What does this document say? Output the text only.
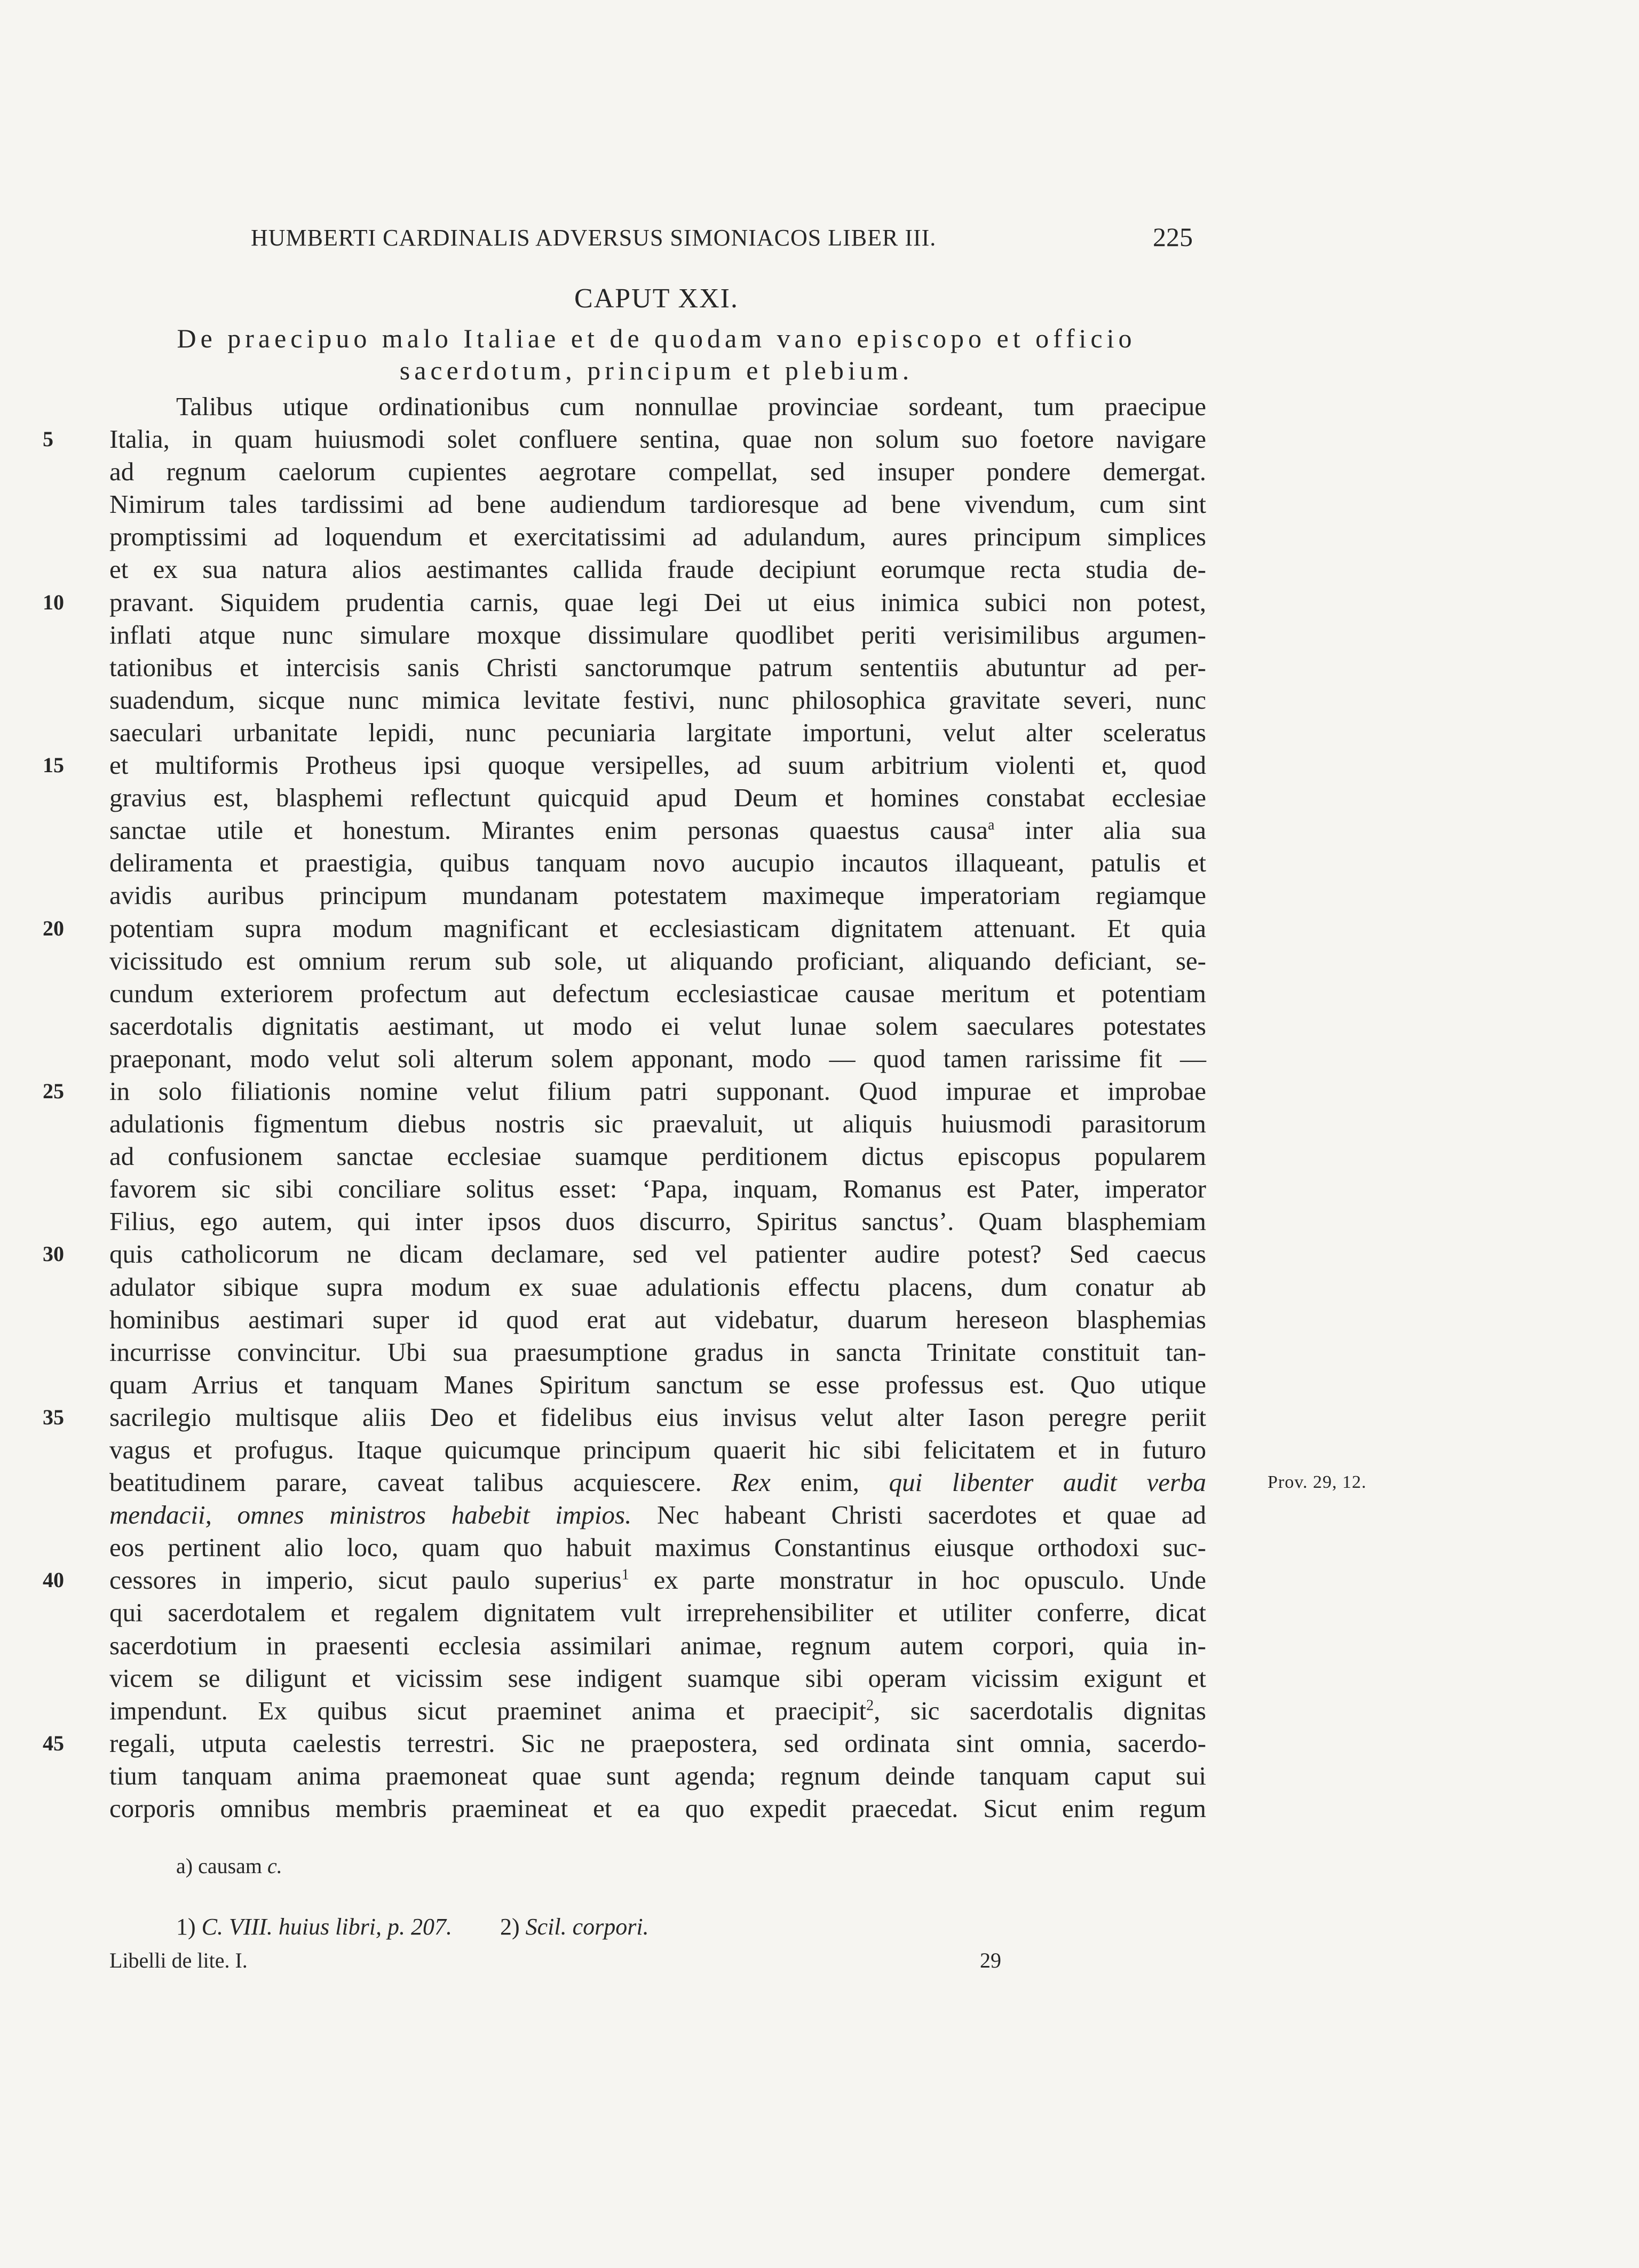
HUMBERTI CARDINALIS ADVERSUS SIMONIACOS LIBER III.	225
CAPUT XXI.
De praecipuo malo Italiae et de quodam vano episcopo et officio
sacerdotum, principum et plebium.
Talibus utique ordinationibus cum nonnullae provinciae sordeant, tum praecipue
5	Italia, in quam huiusmodi solet confluere sentina, quae non solum suo foetore navigare
ad regnum caelorum cupientes aegrotare compellat, sed insuper pondere demergat.
Nimirum tales tardissimi ad bene audiendum tardioresque ad bene vivendum, cum sint
promptissimi ad loquendum et exercitatissimi ad adulandum, aures principum simplices
et ex sua natura alios aestimantes callida fraude decipiunt eorumque recta studia de-
10	pravant. Siquidem prudentia carnis, quae legi Dei ut eius inimica subici non potest,
inflati atque nunc simulare moxque dissimulare quodlibet periti verisimilibus argumen-
tationibus et intercisis sanis Christi sanctorumque patrum sententiis abutuntur ad per-
suadendum, sicque nunc mimica levitate festivi, nunc philosophica gravitate severi, nunc
saeculari urbanitate lepidi, nunc pecuniaria largitate importuni, velut alter sceleratus
15	et multiformis Protheus ipsi quoque versipelles, ad suum arbitrium violenti et, quod
gravius est, blasphemi reflectunt quicquid apud Deum et homines constabat ecclesiae
sanctae utile et honestum. Mirantes enim personas quaestus causa$^a$ inter alia sua
deliramenta et praestigia, quibus tanquam novo aucupio incautos illaqueant, patulis et
avidis auribus principum mundanam potestatem maximeque imperatoriam regiamque
20	potentiam supra modum magnificant et ecclesiasticam dignitatem attenuant. Et quia
vicissitudo est omnium rerum sub sole, ut aliquando proficiant, aliquando deficiant, se-
cundum exteriorem profectum aut defectum ecclesiasticae causae meritum et potentiam
sacerdotalis dignitatis aestimant, ut modo ei velut lunae solem saeculares potestates
praeponant, modo velut soli alterum solem apponant, modo — quod tamen rarissime fit —
25	in solo filiationis nomine velut filium patri supponant. Quod impurae et improbae
adulationis figmentum diebus nostris sic praevaluit, ut aliquis huiusmodi parasitorum
ad confusionem sanctae ecclesiae suamque perditionem dictus episcopus popularem
favorem sic sibi conciliare solitus esset: ‘Papa, inquam, Romanus est Pater, imperator
Filius, ego autem, qui inter ipsos duos discurro, Spiritus sanctus’. Quam blasphemiam
30	quis catholicorum ne dicam declamare, sed vel patienter audire potest? Sed caecus
adulator sibique supra modum ex suae adulationis effectu placens, dum conatur ab
hominibus aestimari super id quod erat aut videbatur, duarum hereseon blasphemias
incurrisse convincitur. Ubi sua praesumptione gradus in sancta Trinitate constituit tan-
quam Arrius et tanquam Manes Spiritum sanctum se esse professus est. Quo utique
35	sacrilegio multisque aliis Deo et fidelibus eius invisus velut alter Iason peregre periit
vagus et profugus. Itaque quicumque principum quaerit hic sibi felicitatem et in futuro
beatitudinem parare, caveat talibus acquiescere. Rex enim, qui libenter audit verba	Prov. 29, 12.
mendacii, omnes ministros habebit impios. Nec habeant Christi sacerdotes et quae ad
eos pertinent alio loco, quam quo habuit maximus Constantinus eiusque orthodoxi suc-
40	cessores in imperio, sicut paulo superius$^1$ ex parte monstratur in hoc opusculo. Unde
qui sacerdotalem et regalem dignitatem vult irreprehensibiliter et utiliter conferre, dicat
sacerdotium in praesenti ecclesia assimilari animae, regnum autem corpori, quia in-
vicem se diligunt et vicissim sese indigent suamque sibi operam vicissim exigunt et
impendunt. Ex quibus sicut praeminet anima et praecipit$^2$, sic sacerdotalis dignitas
45	regali, utputa caelestis terrestri. Sic ne praepostera, sed ordinata sint omnia, sacerdo-
tium tanquam anima praemoneat quae sunt agenda; regnum deinde tanquam caput sui
corporis omnibus membris praemineat et ea quo expedit praecedat. Sicut enim regum
a) causam c.
1) C. VIII. huius libri, p. 207. 2) Scil. corpori.
Libelli de lite. I.	29
